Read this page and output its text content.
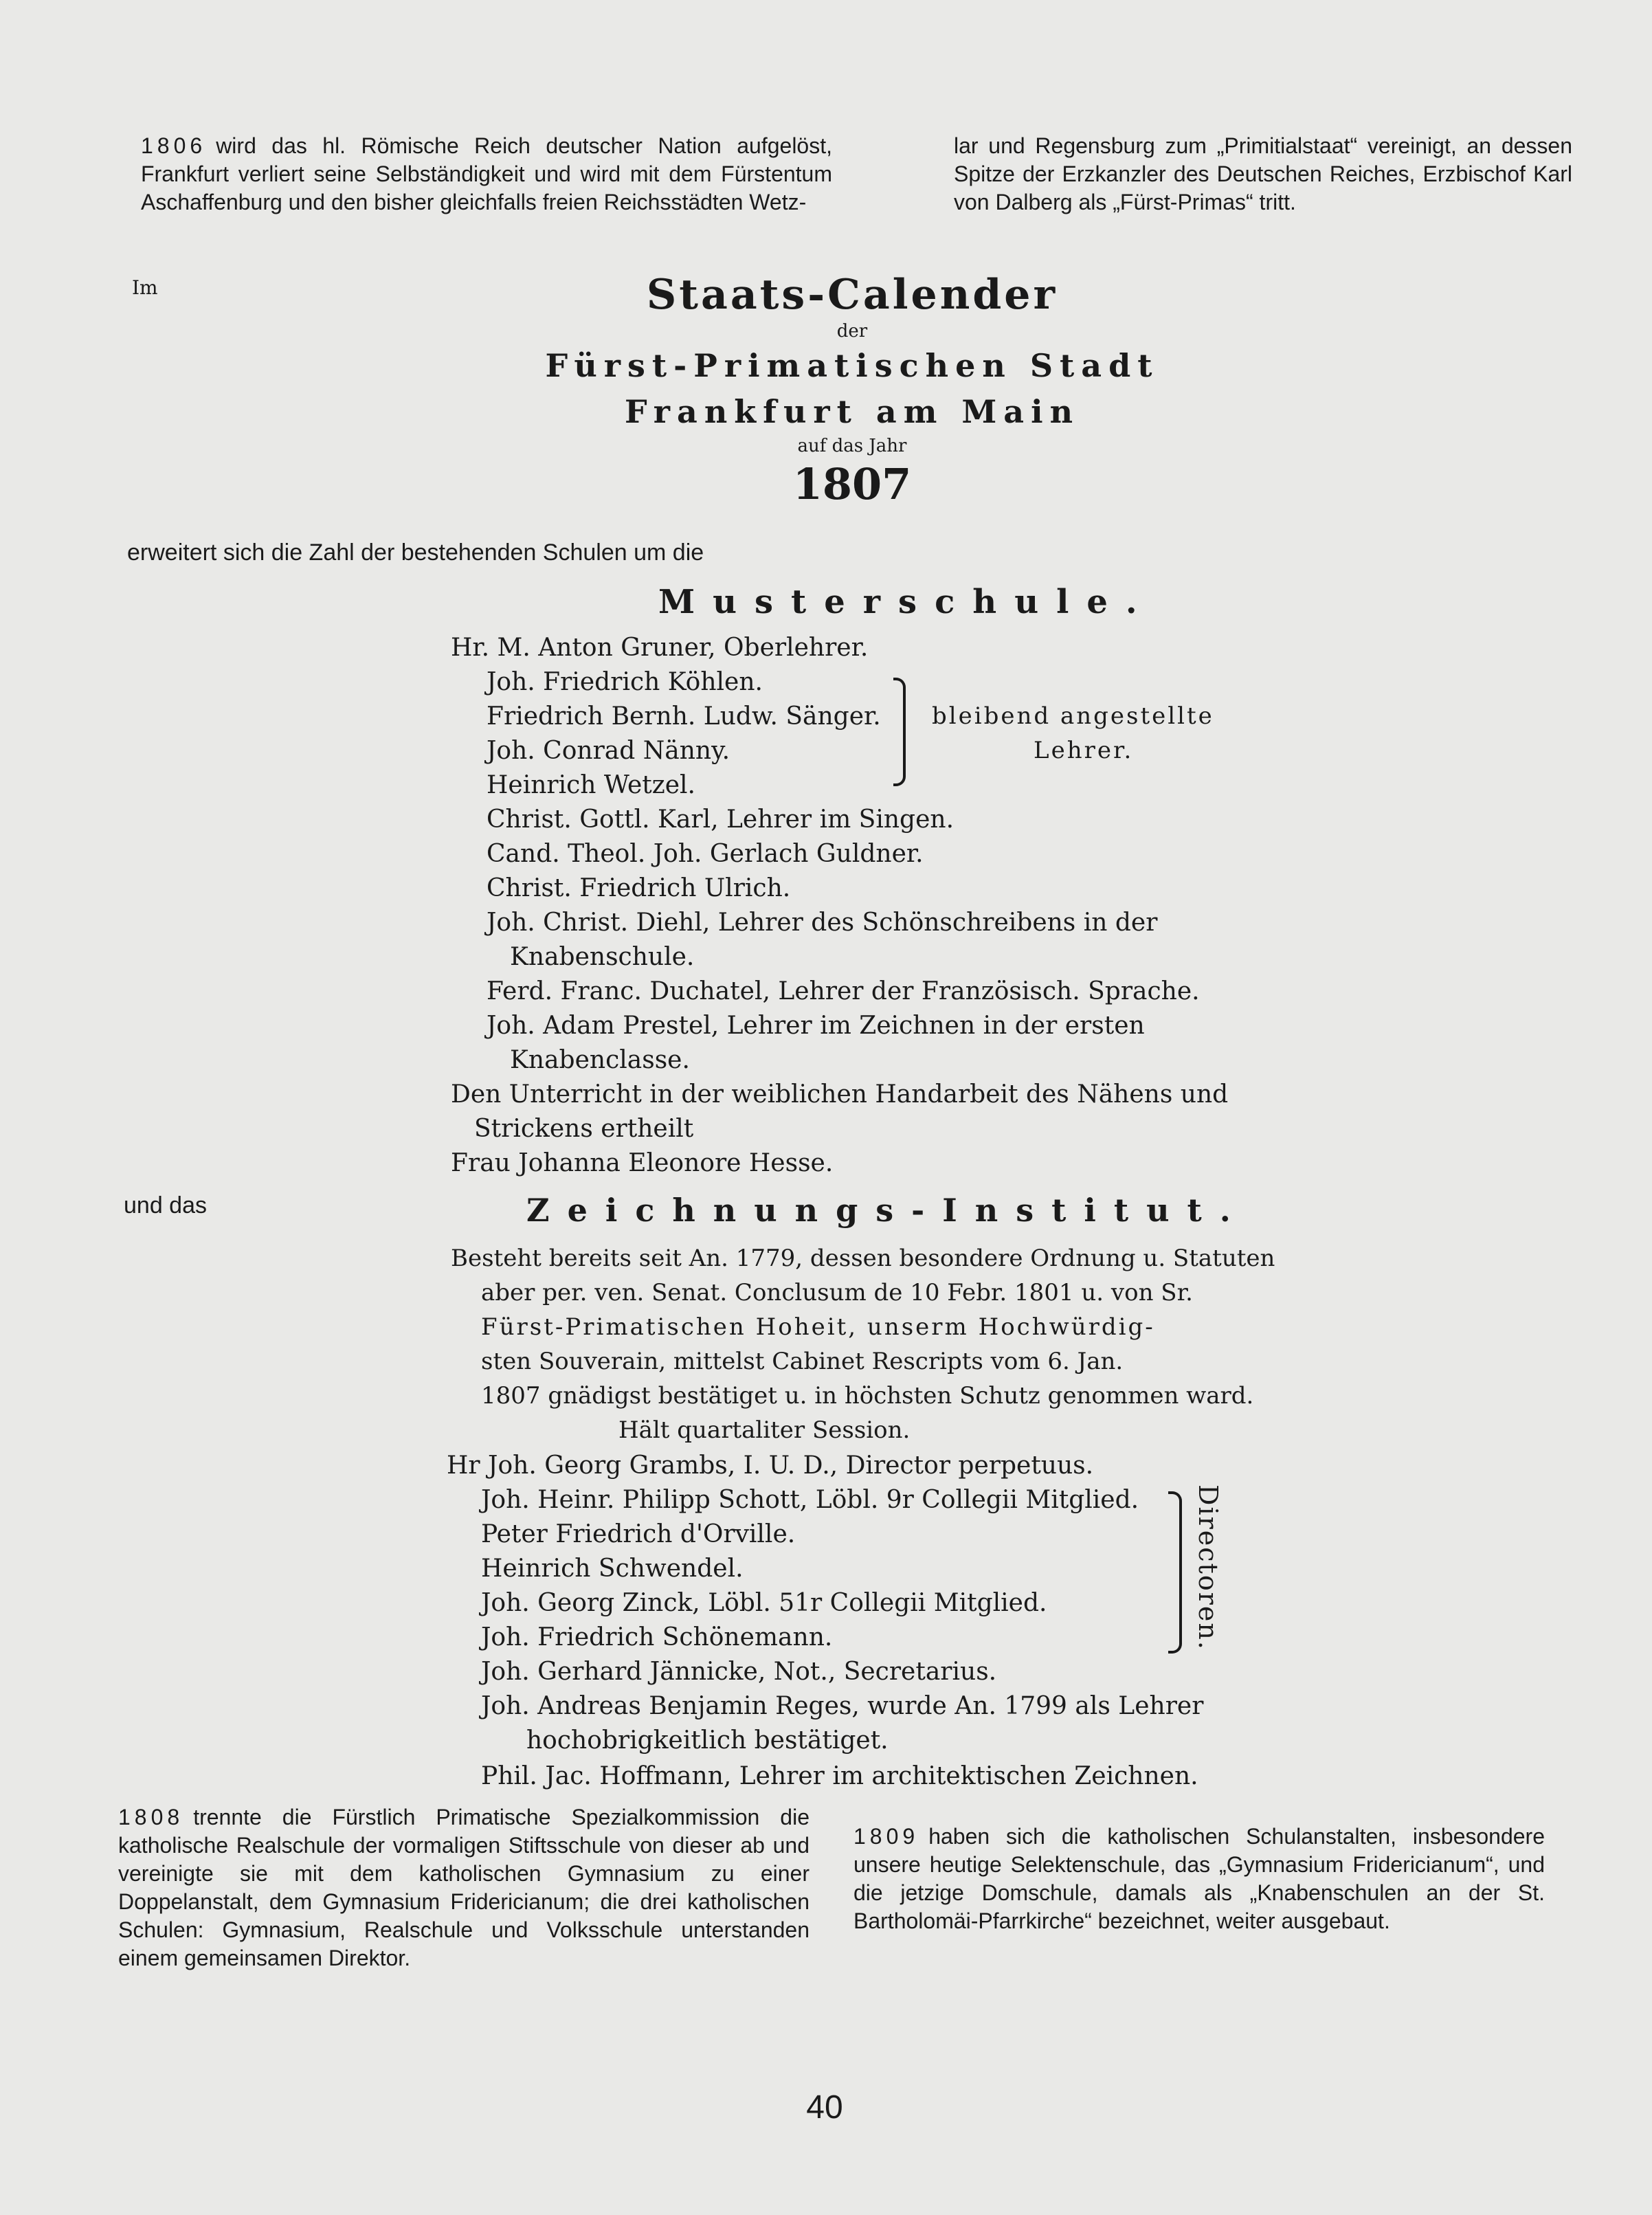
1806 wird das hl. Römische Reich deutscher Nation aufgelöst, Frankfurt verliert seine Selbständigkeit und wird mit dem Fürstentum Aschaffenburg und den bisher gleichfalls freien Reichsstädten Wetz-

lar und Regensburg zum „Primitialstaat“ vereinigt, an dessen Spitze der Erzkanzler des Deutschen Reiches, Erzbischof Karl von Dalberg als „Fürst-Primas“ tritt.

Im	Staats-Calender
der
Fürst-Primatischen Stadt
Frankfurt am Main
auf das Jahr
1807
erweitert sich die Zahl der bestehenden Schulen um die
Musterschule.
Hr. M. Anton Gruner, Oberlehrer.
Joh. Friedrich Köhlen.
Friedrich Bernh. Ludw. Sänger.
Joh. Conrad Nänny.
Heinrich Wetzel.
bleibend angestellte
Lehrer.
Christ. Gottl. Karl, Lehrer im Singen.
Cand. Theol. Joh. Gerlach Guldner.
Christ. Friedrich Ulrich.
Joh. Christ. Diehl, Lehrer des Schönschreibens in der
Knabenschule.
Ferd. Franc. Duchatel, Lehrer der Französisch. Sprache.
Joh. Adam Prestel, Lehrer im Zeichnen in der ersten
Knabenclasse.
Den Unterricht in der weiblichen Handarbeit des Nähens und
Strickens ertheilt
Frau Johanna Eleonore Hesse.
und das	Zeichnungs-Institut.
Besteht bereits seit An. 1779, dessen besondere Ordnung u. Statuten
aber per. ven. Senat. Conclusum de 10 Febr. 1801 u. von Sr.
Fürst-Primatischen Hoheit, unserm Hochwürdig-
sten Souverain, mittelst Cabinet Rescripts vom 6. Jan.
1807 gnädigst bestätiget u. in höchsten Schutz genommen ward.
Hält quartaliter Session.
Hr Joh. Georg Grambs, I. U. D., Director perpetuus.
Joh. Heinr. Philipp Schott, Löbl. 9r Collegii Mitglied.
Peter Friedrich d'Orville.
Heinrich Schwendel.
Joh. Georg Zinck, Löbl. 51r Collegii Mitglied.
Joh. Friedrich Schönemann.
Joh. Gerhard Jännicke, Not., Secretarius.
Joh. Andreas Benjamin Reges, wurde An. 1799 als Lehrer
hochobrigkeitlich bestätiget.
Phil. Jac. Hoffmann, Lehrer im architektischen Zeichnen.
Directoren.

1808 trennte die Fürstlich Primatische Spezialkommission die katholische Realschule der vormaligen Stiftsschule von dieser ab und vereinigte sie mit dem katholischen Gymnasium zu einer Doppelanstalt, dem Gymnasium Fridericianum; die drei katholischen Schulen: Gymnasium, Realschule und Volksschule unterstanden einem gemeinsamen Direktor.

1809 haben sich die katholischen Schulanstalten, insbesondere unsere heutige Selektenschule, das „Gymnasium Fridericianum“, und die jetzige Domschule, damals als „Knabenschulen an der St. Bartholomäi-Pfarrkirche“ bezeichnet, weiter ausgebaut.

40
